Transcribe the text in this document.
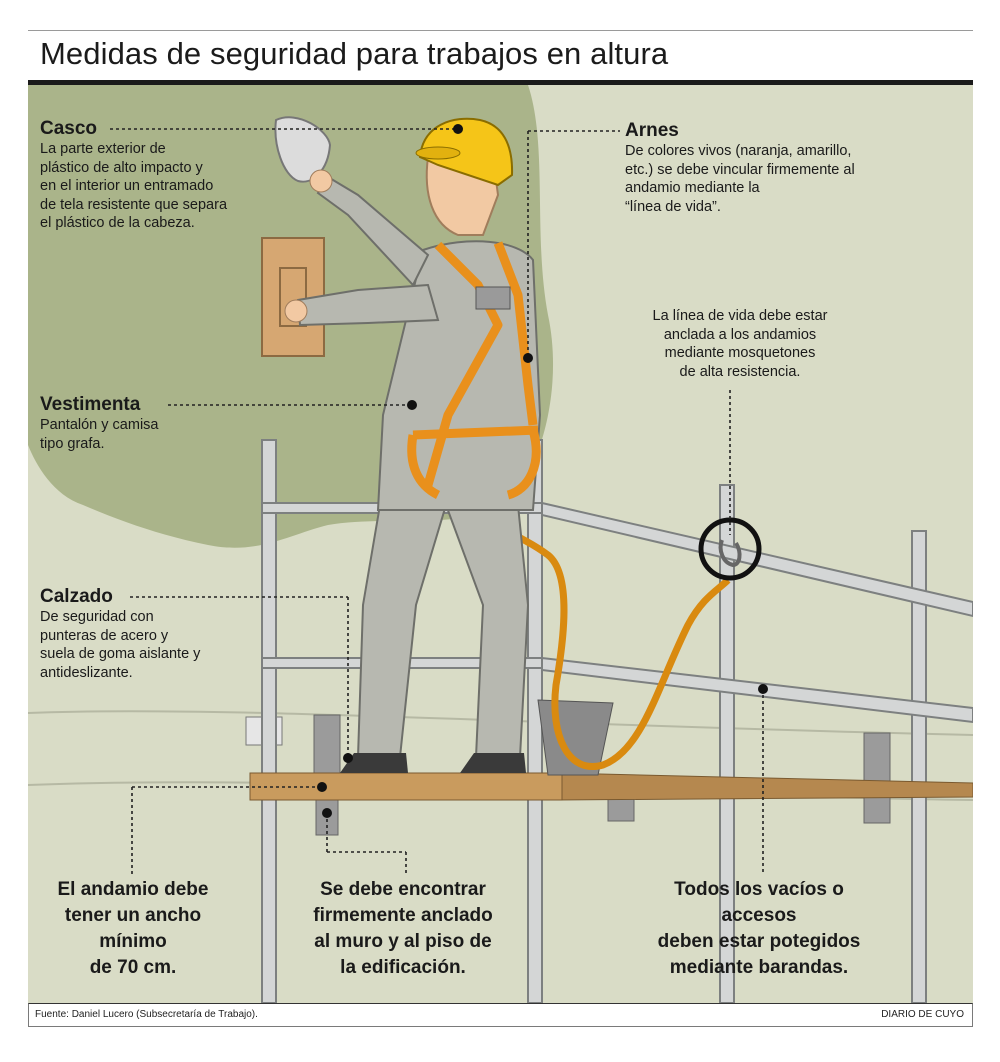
Medidas de seguridad para trabajos en altura
Casco
La parte exterior de
plástico de alto impacto y
en el interior un entramado
de tela resistente que separa
el plástico de la cabeza.
Arnes
De colores vivos (naranja, amarillo,
etc.) se debe vincular firmemente al
andamio mediante la
“línea de vida”.
Vestimenta
Pantalón y camisa
tipo grafa.
Calzado
De seguridad con
punteras de acero y
suela de goma aislante y
antideslizante.
La línea de vida debe estar
anclada a los andamios
mediante mosquetones
de alta resistencia.
El andamio debe
tener un ancho
mínimo
de 70 cm.
Se debe encontrar
firmemente anclado
al muro y al piso de
la edificación.
Todos los vacíos o
accesos
deben estar potegidos
mediante barandas.
Fuente: Daniel Lucero (Subsecretaría de Trabajo).	DIARIO DE CUYO
